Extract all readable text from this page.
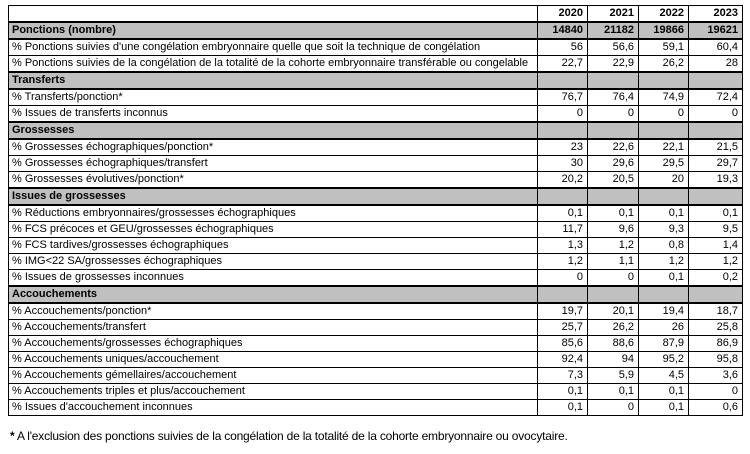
	2020	2021	2022	2023
Ponctions (nombre)	14840	21182	19866	19621
% Ponctions suivies d'une congélation embryonnaire quelle que soit la technique de congélation	56	56,6	59,1	60,4
% Ponctions suivies de la congélation de la totalité de la cohorte embryonnaire transférable ou congelable	22,7	22,9	26,2	28
Transferts				
% Transferts/ponction*	76,7	76,4	74,9	72,4
% Issues de transferts inconnus	0	0	0	0
Grossesses				
% Grossesses échographiques/ponction*	23	22,6	22,1	21,5
% Grossesses échographiques/transfert	30	29,6	29,5	29,7
% Grossesses évolutives/ponction*	20,2	20,5	20	19,3
Issues de grossesses				
% Réductions embryonnaires/grossesses échographiques	0,1	0,1	0,1	0,1
% FCS précoces et GEU/grossesses échographiques	11,7	9,6	9,3	9,5
% FCS tardives/grossesses échographiques	1,3	1,2	0,8	1,4
% IMG<22 SA/grossesses échographiques	1,2	1,1	1,2	1,2
% Issues de grossesses inconnues	0	0	0,1	0,2
Accouchements				
% Accouchements/ponction*	19,7	20,1	19,4	18,7
% Accouchements/transfert	25,7	26,2	26	25,8
% Accouchements/grossesses échographiques	85,6	88,6	87,9	86,9
% Accouchements uniques/accouchement	92,4	94	95,2	95,8
% Accouchements gémellaires/accouchement	7,3	5,9	4,5	3,6
% Accouchements triples et plus/accouchement	0,1	0,1	0,1	0
% Issues d'accouchement inconnues	0,1	0	0,1	0,6
* A l'exclusion des ponctions suivies de la congélation de la totalité de la cohorte embryonnaire ou ovocytaire.
